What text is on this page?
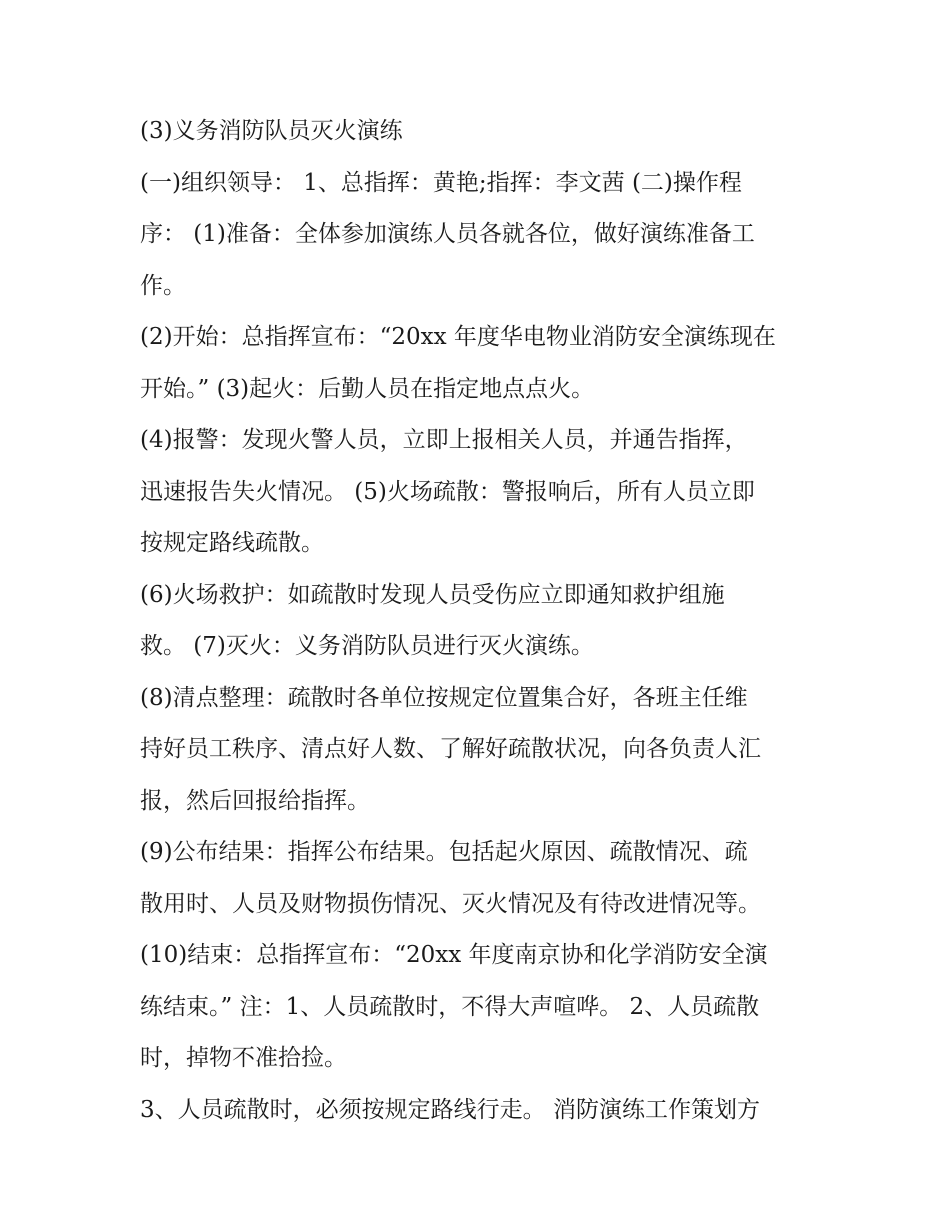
(3)义务消防队员灭火演练
(一)组织领导： 1、总指挥：黄艳;指挥：李文茜 (二)操作程
序： (1)准备：全体参加演练人员各就各位，做好演练准备工
作。
(2)开始：总指挥宣布：“20xx 年度华电物业消防安全演练现在
开始。” (3)起火：后勤人员在指定地点点火。
(4)报警：发现火警人员，立即上报相关人员，并通告指挥，
迅速报告失火情况。 (5)火场疏散：警报响后，所有人员立即
按规定路线疏散。
(6)火场救护：如疏散时发现人员受伤应立即通知救护组施
救。 (7)灭火：义务消防队员进行灭火演练。
(8)清点整理：疏散时各单位按规定位置集合好，各班主任维
持好员工秩序、清点好人数、了解好疏散状况，向各负责人汇
报，然后回报给指挥。
(9)公布结果：指挥公布结果。包括起火原因、疏散情况、疏
散用时、人员及财物损伤情况、灭火情况及有待改进情况等。
(10)结束：总指挥宣布：“20xx 年度南京协和化学消防安全演
练结束。” 注：1、人员疏散时，不得大声喧哗。 2、人员疏散
时，掉物不准拾捡。
3、人员疏散时，必须按规定路线行走。 消防演练工作策划方
